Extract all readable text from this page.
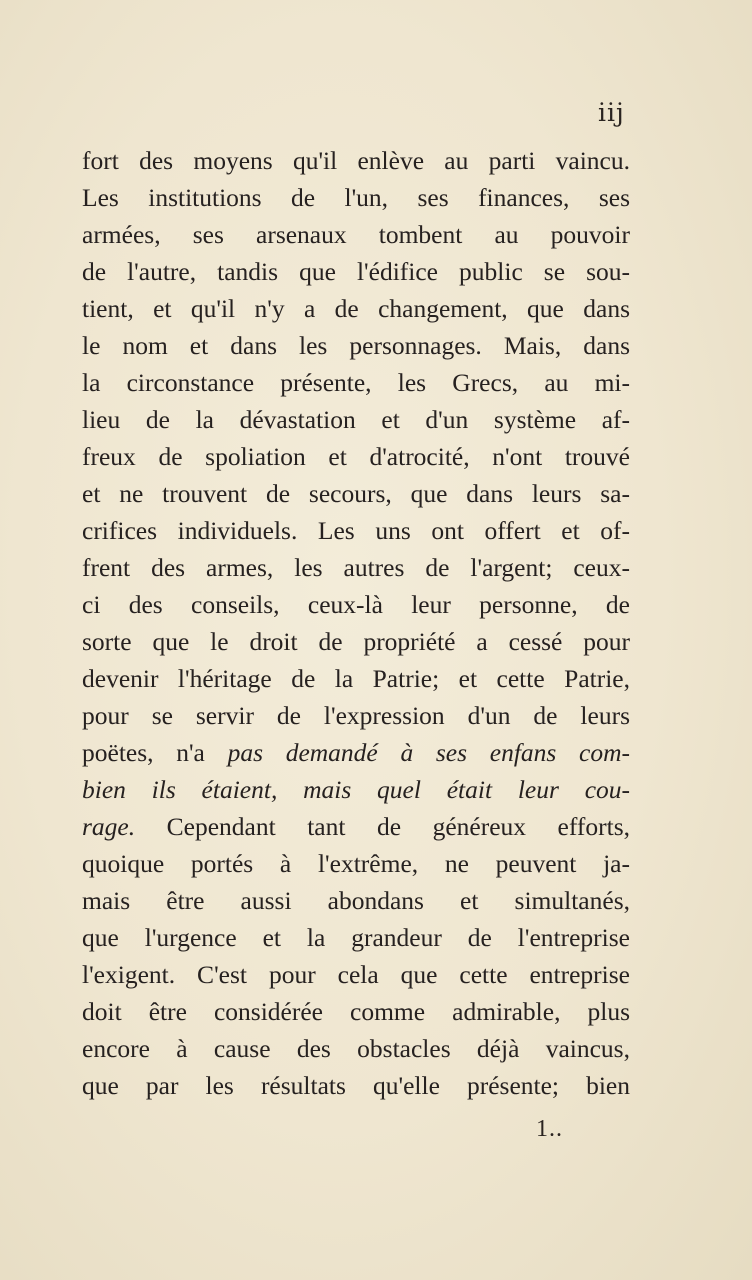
iij
fort des moyens qu'il enlève au parti vaincu.
Les institutions de l'un, ses finances, ses
armées, ses arsenaux tombent au pouvoir
de l'autre, tandis que l'édifice public se sou-
tient, et qu'il n'y a de changement, que dans
le nom et dans les personnages. Mais, dans
la circonstance présente, les Grecs, au mi-
lieu de la dévastation et d'un système af-
freux de spoliation et d'atrocité, n'ont trouvé
et ne trouvent de secours, que dans leurs sa-
crifices individuels. Les uns ont offert et of-
frent des armes, les autres de l'argent; ceux-
ci des conseils, ceux-là leur personne, de
sorte que le droit de propriété a cessé pour
devenir l'héritage de la Patrie; et cette Patrie,
pour se servir de l'expression d'un de leurs
poëtes, n'a pas demandé à ses enfans com-
bien ils étaient, mais quel était leur cou-
rage. Cependant tant de généreux efforts,
quoique portés à l'extrême, ne peuvent ja-
mais être aussi abondans et simultanés,
que l'urgence et la grandeur de l'entreprise
l'exigent. C'est pour cela que cette entreprise
doit être considérée comme admirable, plus
encore à cause des obstacles déjà vaincus,
que par les résultats qu'elle présente; bien
1..
